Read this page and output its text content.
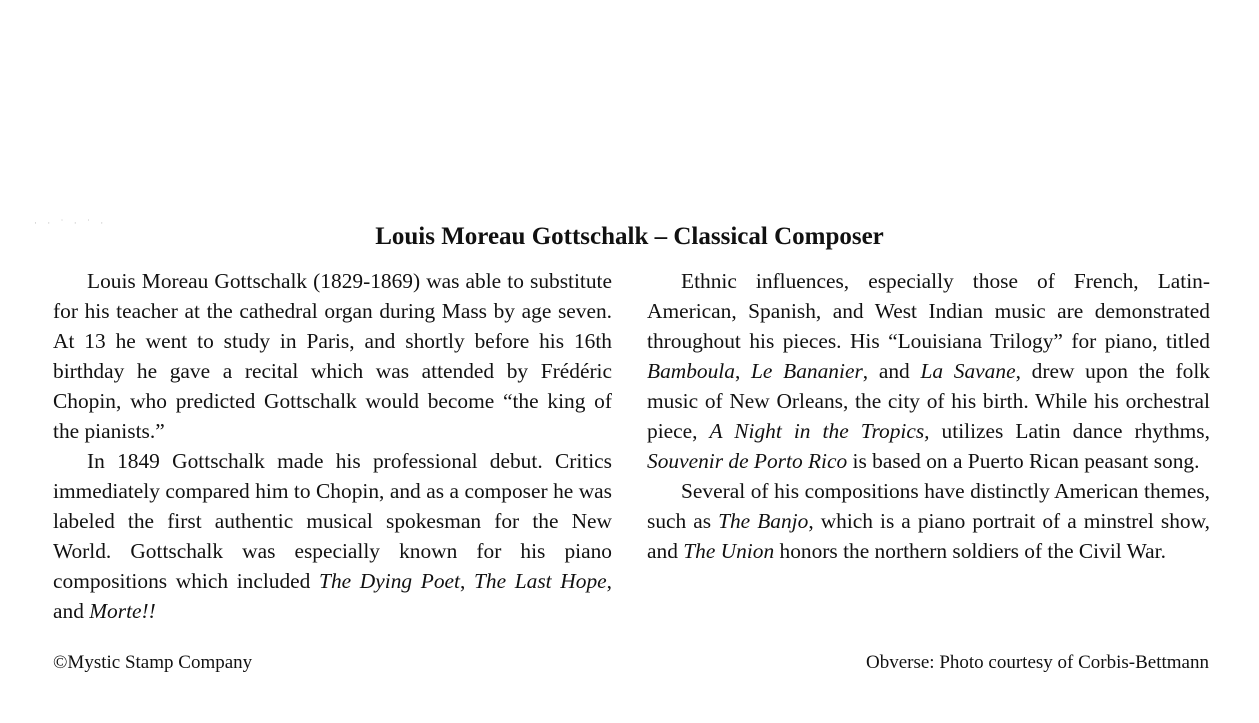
· · ˙ · ˙ ·	Louis Moreau Gottschalk – Classical Composer

Louis Moreau Gottschalk (1829-1869) was able to substitute for his teacher at the cathedral organ during Mass by age seven. At 13 he went to study in Paris, and shortly before his 16th birthday he gave a recital which was attended by Frédéric Chopin, who predicted Gottschalk would become “the king of the pianists.”

In 1849 Gottschalk made his professional debut. Critics immediately compared him to Chopin, and as a composer he was labeled the first authentic musical spokesman for the New World. Gottschalk was especially known for his piano compositions which included The Dying Poet, The Last Hope, and Morte!!

Ethnic influences, especially those of French, Latin-American, Spanish, and West Indian music are demonstrated throughout his pieces. His “Louisiana Trilogy” for piano, titled Bamboula, Le Bananier, and La Savane, drew upon the folk music of New Orleans, the city of his birth. While his orchestral piece, A Night in the Tropics, utilizes Latin dance rhythms, Souvenir de Porto Rico is based on a Puerto Rican peasant song.

Several of his compositions have distinctly American themes, such as The Banjo, which is a piano portrait of a minstrel show, and The Union honors the northern soldiers of the Civil War.

©Mystic Stamp Company	Obverse: Photo courtesy of Corbis-Bettmann
